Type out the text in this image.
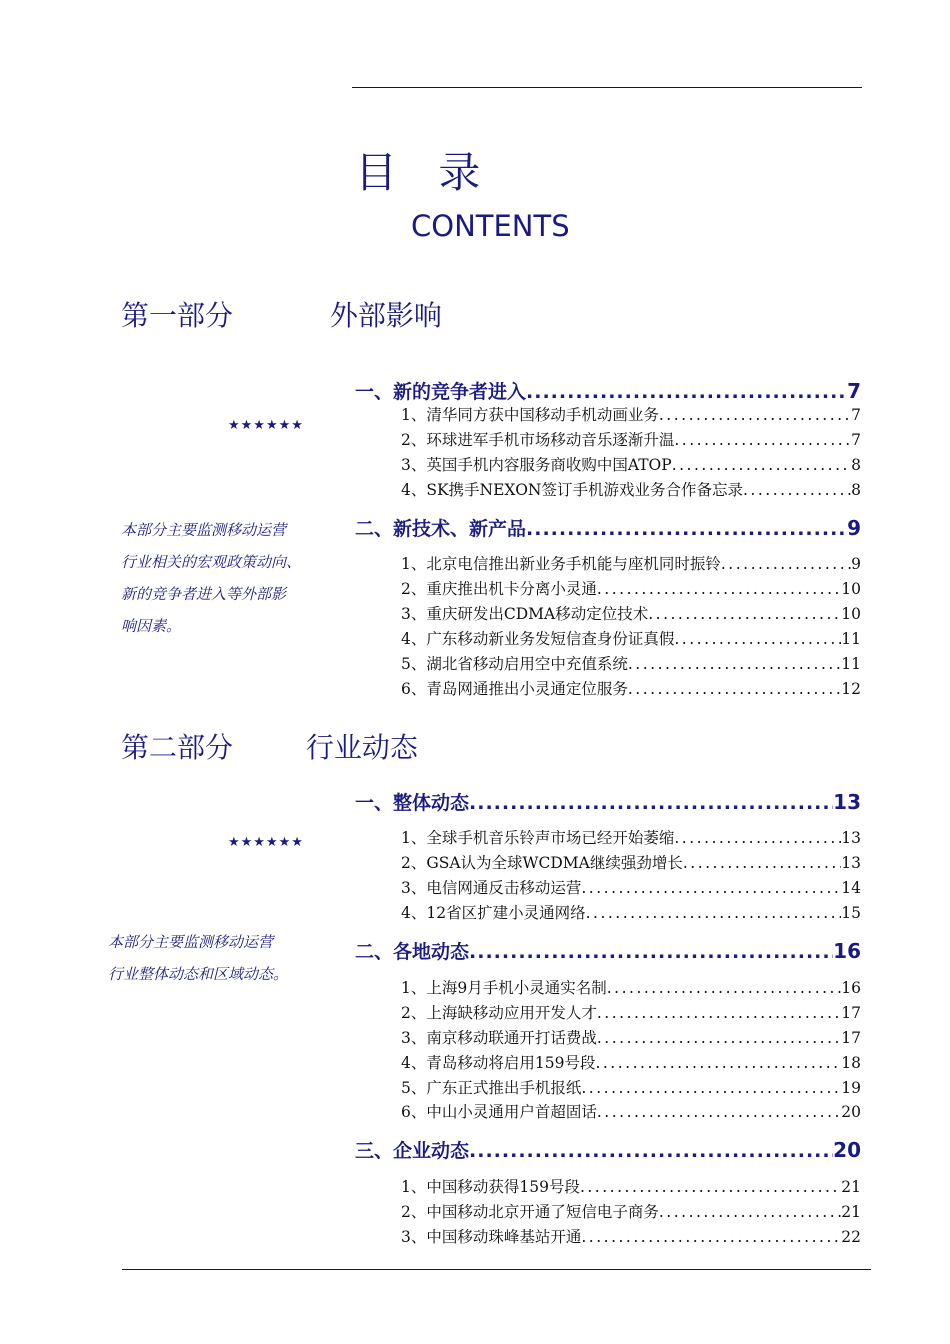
目 录
CONTENTS
第一部分	外部影响
★★★★★★
本部分主要监测移动运营
行业相关的宏观政策动向、
新的竞争者进入等外部影
响因素。
一、新的竞争者进入 .....	7
1、清华同方获中国移动手机动画业务 .....	7
2、环球进军手机市场移动音乐逐渐升温 .....	7
3、英国手机内容服务商收购中国ATOP .....	8
4、SK携手NEXON签订手机游戏业务合作备忘录 .....	8
二、新技术、新产品 .....	9
1、北京电信推出新业务手机能与座机同时振铃 .....	9
2、重庆推出机卡分离小灵通 .....	10
3、重庆研发出CDMA移动定位技术 .....	10
4、广东移动新业务发短信查身份证真假 .....	11
5、湖北省移动启用空中充值系统 .....	11
6、青岛网通推出小灵通定位服务 .....	12
第二部分	行业动态
★★★★★★
本部分主要监测移动运营
行业整体动态和区域动态。
一、整体动态 .....	13
1、全球手机音乐铃声市场已经开始萎缩 .....	13
2、GSA认为全球WCDMA继续强劲增长 .....	13
3、电信网通反击移动运营 .....	14
4、12省区扩建小灵通网络 .....	15
二、各地动态 .....	16
1、上海9月手机小灵通实名制 .....	16
2、上海缺移动应用开发人才 .....	17
3、南京移动联通开打话费战 .....	17
4、青岛移动将启用159号段 .....	18
5、广东正式推出手机报纸 .....	19
6、中山小灵通用户首超固话 .....	20
三、企业动态 .....	20
1、中国移动获得159号段 .....	21
2、中国移动北京开通了短信电子商务 .....	21
3、中国移动珠峰基站开通 .....	22
